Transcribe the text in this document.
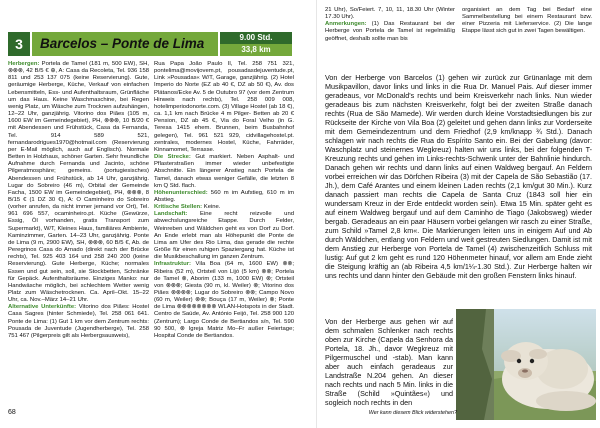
3	Barcelos – Ponte de Lima	9.00 Std.
33,8 km

Herbergen: Portela de Tamel (181 m, 500 EW), SH, ⊗⊗⊗, 42 B/5 € ⊕, A: Casa da Recoleta, Tel. 936 158 811 und 253 137 075 (keine Reservierung). Gute, geräumige Herberge, Küche, Verkauf von einfachen Lebensmitteln, Ess- und Aufenthaltsraum, Grünfläche um das Haus. Keine Waschmaschine, bei Regen wenig Platz, um Wäsche zum Trocknen aufzuhängen, 12–22 Uhr, ganzjährig. Vitorino dos Piães (105 m, 1600 EW im Gemeindegebiet), PH, ⊗⊗⊗, 10 B/20 € mit Abendessen und Frühstück, Casa da Fernanda, Tel. 914 589 521, fernandarodrigues1970@hotmail.com (Reservierung per E-Mail möglich, auch auf Englisch). Normale Betten in Holzhaus, schöner Garten. Sehr freundliche Aufnahme durch Fernanda und Jacinto, schöne Pilgeratmosphäre; gemeins. (portugiesisches) Abendessen und Frühstück, ab 14 Uhr, ganzjährig. Lugar do Sobreiro (46 m), Orbital der Gemeinde Facha, 1500 EW im Gemeindegebiet), PH, ⊗⊗⊗, 8 B/15 € (1 DZ 30 €), A: O Caminheiro do Sobreiro (vorher anrufen, da nicht immer jemand vor Ort), Tel. 961 696 557, ocaminheiro.pt. Küche (Gewürze, Essig, Öl vorhanden, gratis Transport zum Supermarkt), W/T, Kleines Haus, familiäres Ambiente, Kaminzimmer, Garten. 14–23 Uhr, ganzjährig. Ponte de Lima (9 m, 2900 EW), SH, ⊗⊗⊗, 60 B/5 €, Ab. de Peregrinos Casa do Arnado (direkt nach der Brücke rechts), Tel. 925 403 164 und 258 240 200 (keine Reservierung). Gute Herberge, Küche; normales Essen und gut sein, soll, sie Stockbetten, Schränke für Gepäck. Aufenthaltsräume. Einziges Manko: nur Handwäsche möglich, bei schlechtem Wetter wenig Platz zum Wäschetrocknen. Ca. April–Okt. 15–22 Uhr, ca. Nov.–März 14–21 Uhr.

Alternative Unterkünfte: Vitorino dos Piães: Hostel Casa Sagres (hinter Schmiede), Tel. 258 061 641. Ponte de Lima: (1) Gut 1 km vor dem Zentrum rechts: Pousada de Juventude (Jugendherberge), Tel. 258 751 467 (Pilgerpreis gilt als Herbergsausweis),

Rua Papa João Paulo II, Tel. 258 751 321, pontelima@movijovem.pt, pousadasdejuventude.pt, Link »Pousadas« W/T, Garage, ganzjährig. (2) Hotel Imperio do Norte (EZ ab 40 €, DZ ab 50 €), Av. dos Plátanos/Ecke Av. 5 de Outubro 97 (vor dem Zentrum Hinweis nach rechts), Tel. 258 009 008, hotelimperiodonorte.com. (3) Village Hostel (ab 18 €), ca. 1,1 km nach Brücke 4 m Pilger- Betten ab 20 € Pension, DZ ab 45 €, Via do Foral Velho (in G. Teresa 1415 ehem. Brunnen, beim Busbahnhof gelegen), Tel. 961 521 929, cidvillagehostel.pt. zentrales, modernes Hostel, Küche, Fahrräder, Kinnamomet, Terrasse.

Die Strecke: Gut markiert. Neben Asphalt- und Pflasterstraßen immer wieder unbefestigte Abschnitte. Ein längerer Anstieg nach Portela de Tamel, danach etwas weniger Gefälle, die letzten 8 km Q Std. flach.

Höhenunterschied: 560 m im Aufstieg, 610 m im Abstieg.

Kritische Stellen: Keine.

Landschaft: Eine recht reizvolle und abwechslungsreiche Etappe. Durch Felder, Weinreben und Wäldchen geht es von Dorf zu Dorf. An Ende erlebt man als Höhepunkt die Ponte de Lima am Ufer des Rio Lima, das gerade die rechte Größe für einen ruhigen Spaziergang hat. Küche ist die Musikbeschallung im ganzen Zentrum.

Infrastruktur: Vila Boa (64 m, 1600 EW) ⊗⊗; Ribeira (52 m), Ortsteil von Lijó (5 km) ⊗⊗; Portela de Tamel ⊗, Aborim (133 m, 1000 EW) ⊗; Ortsteil von ⊗⊗⊗; Giesta (90 m, kl. Weiler) ⊗; Vitorino dos Piães ⊗⊗⊗⊗; Lugar do Sobreiro ⊗⊗; Campo Novo (60 m, Weiler) ⊗⊗; Bouça (17 m, Weiler) ⊗; Ponte de Lima ⊗⊗⊗⊗⊗⊗⊗⊗ WLAN-Hotspots in der Stadt. Centro de Saúde, Av. António Feijó, Tel. 258 900 120 (Zentrum); Largo Conde de Bertiandos s/n, Tel. 590 90 500, ⊗ Igreja Matriz Mo–Fr außer Feiertage; Hospital Conde de Bertiandos.

68

21 Uhr), So/Feiert. 7, 10, 11, 18.30 Uhr (Winter 17.30 Uhr).

Anmerkungen: (1) Das Restaurant bei der Herberge von Portela de Tamel ist regelmäßig geöffnet, deshalb sollte man bis

organisiert an dem Tag bei Bedarf eine Sammelbestellung bei einem Restaurant bzw. einer Pizzeria mit Lieferservice. (2) Die lange Etappe lässt sich gut in zwei Tagen bewältigen.

Von der Herberge von Barcelos (1) gehen wir zurück zur Grünanlage mit dem Musikpavillon, davor links und links in die Rua Dr. Manuel Pais. Auf dieser immer geradeaus, vor McDonald's rechts und beim Kreisverkehr nach links. Nun wieder geradeaus bis zum nächsten Kreisverkehr, folgt bei der zweiten Straße danach rechts (Rua de São Mamede). Wir werden durch kleine Vorstadtsiedlungen bis zur Rückseite der Kirche von Vila Boa (2) geleitet und gehen dann links zur Vorderseite mit dem Gemeindezentrum und dem Friedhof (2,9 km/knapp ¾ Std.). Danach schlagen wir nach rechts die Rua do Espírito Santo ein. Bei der Gabelung (davor: Waschplatz und steinernes Wegkreuz) halten wir uns links, bei der folgenden T-Kreuzung rechts und gehen im Links-rechts-Schwenk unter der Bahnlinie hindurch. Danach gehen wir rechts und dann links auf einen Waldweg bergauf. An Feldern vorbei erreichen wir das Dörfchen Ribeira (3) mit der Capela de São Sebastião (17. Jh.), dem Café Arantes und einem kleinen Laden rechts (2,1 km/gut 30 Min.). Kurz danach passiert man rechts die Capela de Santa Cruz (1843 soll hier ein wundersam Kreuz in der Erde entdeckt worden sein). Etwa 15 Min. später geht es auf einem Waldweg bergauf und auf dem Caminho de Tiago (Jakobsweg) wieder bergab. Geradeaus an ein paar Häusern vorbei gelangen wir rasch zu einer Straße, zum Schild »Tamel 2,8 km«. Die Markierungen leiten uns in einigem Auf und Ab durch Wäldchen, entlang von Feldern und weit gestreuten Siedlungen. Damit ist mit dem Anstieg zur Herberge von Portela de Tamel (4) zwischenzeitlich Schluss mit lustig: Auf gut 2 km geht es rund 120 Höhenmeter hinauf, vor allem am Ende zieht die Steigung kräftig an (ab Ribeira 4,5 km/1¼-1.30 Std.). Zur Herberge halten wir uns rechts und dann hinter den Gebäude mit den großen Fenstern links hinauf.

Von der Herberge aus gehen wir auf dem schmalen Schlenker nach rechts oben zur Kirche (Capela da Senhora da Portela, 18. Jh., davor Wegkreuz mit Pilgermuschel und -stab). Man kann aber auch einfach geradeaus zur Landstraße N.204 gehen. An dieser nach rechts und nach 5 Min. links in die Straße (Schild »Quintães«) und sogleich noch rechts in den

Wer kann diesem Blick widerstehen?
